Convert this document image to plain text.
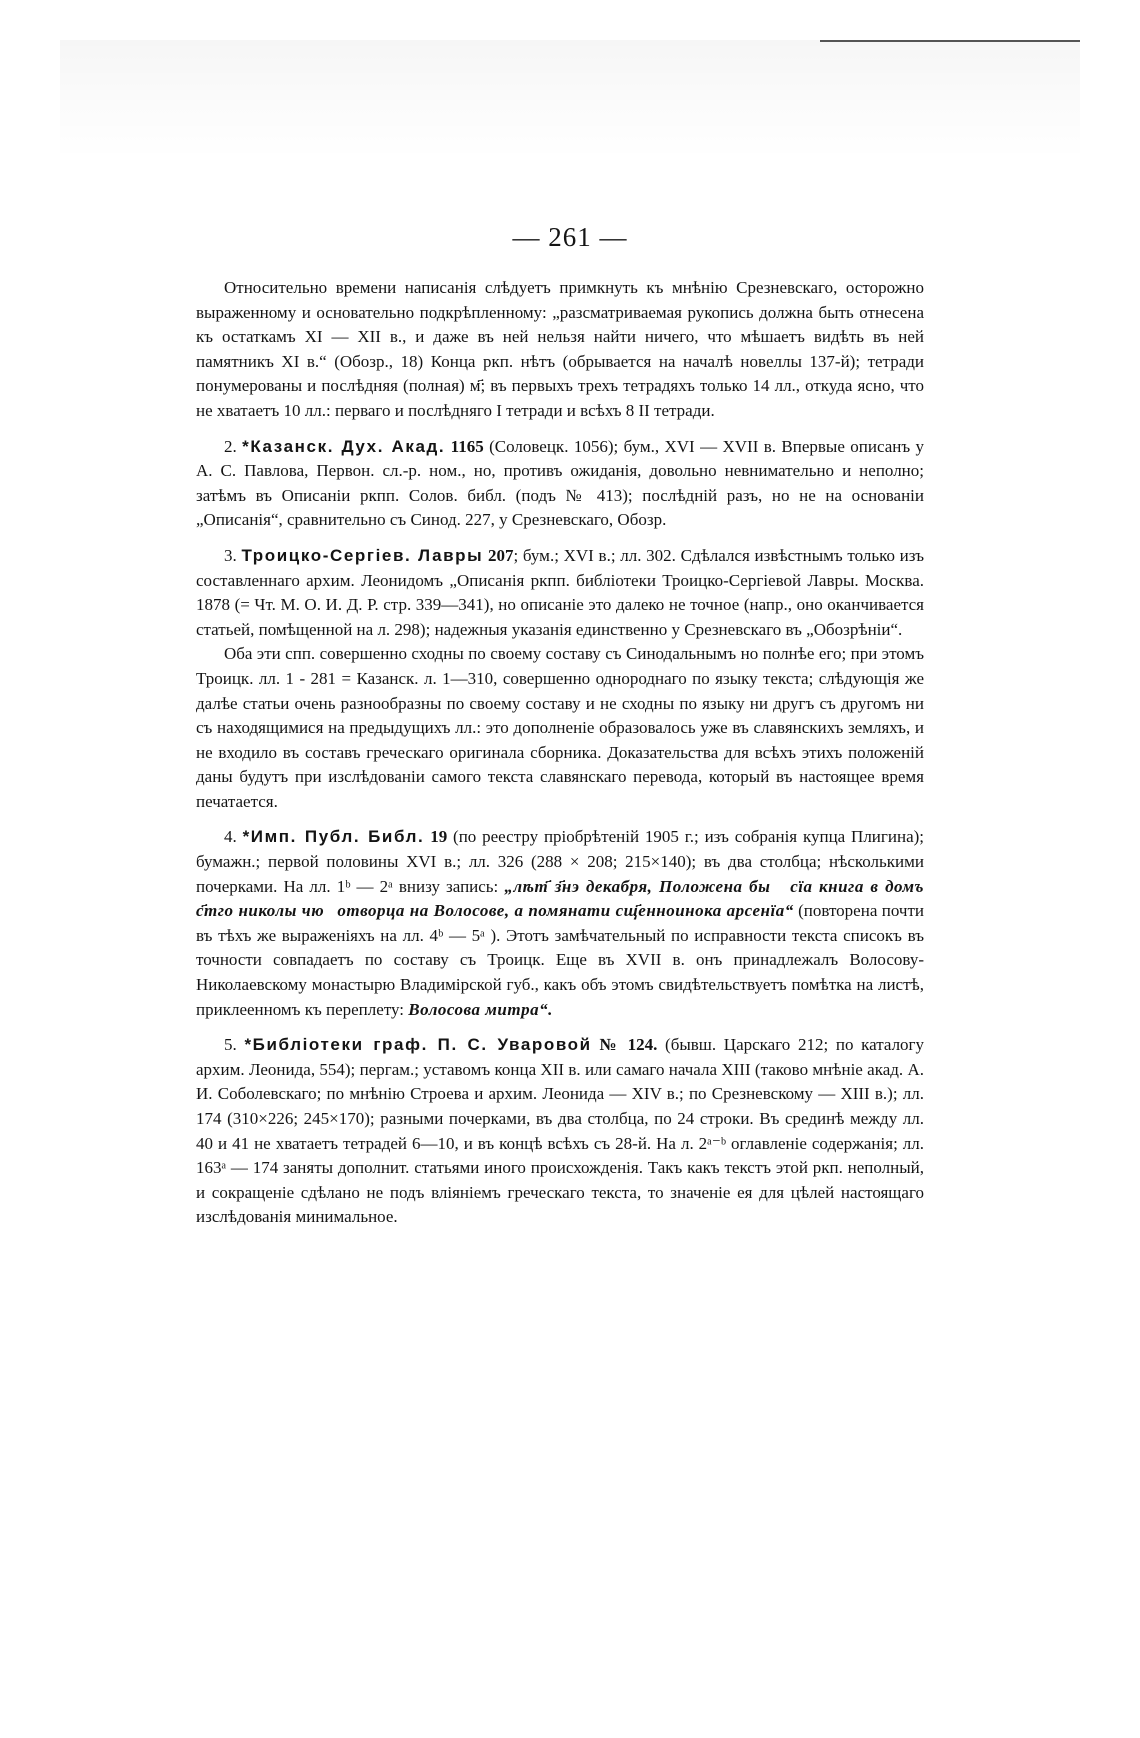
— 261 —

Относительно времени написанія слѣдуетъ примкнуть къ мнѣнію Срезневскаго, осторожно выраженному и основательно подкрѣпленному: „разсматриваемая рукопись должна быть отнесена къ остаткамъ XI — XII в., и даже въ ней нельзя найти ничего, что мѣшаетъ видѣть въ ней памятникъ XI в.“ (Обозр., 18) Конца ркп. нѣтъ (обрывается на началѣ новеллы 137-й); тетради понумерованы и послѣдняя (полная) м҃; въ первыхъ трехъ тетрадяхъ только 14 лл., откуда ясно, что не хватаетъ 10 лл.: перваго и послѣдняго I тетради и всѣхъ 8 II тетради.

2. *Казанск. Дух. Акад. 1165 (Соловецк. 1056); бум., XVI — XVII в. Впервые описанъ у А. С. Павлова, Первон. сл.-р. ном., но, противъ ожиданія, довольно невнимательно и неполно; затѣмъ въ Описаніи ркпп. Солов. библ. (подъ № 413); послѣдній разъ, но не на основаніи „Описанія“, сравнительно съ Синод. 227, у Срезневскаго, Обозр.

3. Троицко-Сергіев. Лавры 207; бум.; XVI в.; лл. 302. Сдѣлался извѣстнымъ только изъ составленнаго архим. Леонидомъ „Описанія ркпп. библіотеки Троицко-Сергіевой Лавры. Москва. 1878 (= Чт. М. О. И. Д. Р. стр. 339—341), но описаніе это далеко не точное (напр., оно оканчивается статьей, помѣщенной на л. 298); надежныя указанія единственно у Срезневскаго въ „Обозрѣніи“.

Оба эти спп. совершенно сходны по своему составу съ Синодальнымъ но полнѣе его; при этомъ Троицк. лл. 1 - 281 = Казанск. л. 1—310, совершенно однороднаго по языку текста; слѣдующія же далѣе статьи очень разнообразны по своему составу и не сходны по языку ни другъ съ другомъ ни съ находящимися на предыдущихъ лл.: это дополненіе образовалось уже въ славянскихъ земляхъ, и не входило въ составъ греческаго оригинала сборника. Доказательства для всѣхъ этихъ положеній даны будутъ при изслѣдованіи самого текста славянскаго перевода, который въ настоящее время печатается.

4. *Имп. Публ. Библ. 19 (по реестру пріобрѣтеній 1905 г.; изъ собранія купца Плигина); бумажн.; первой половины XVI в.; лл. 326 (288 × 208; 215×140); въ два столбца; нѣсколькими почерками. На лл. 1ᵇ — 2ᵃ внизу запись: „лѣт҃ з҃нэ декабря, Положена быⷭ сїа книга в домъ с҃тго николы чюⷣотворца на Волосове, а помянати сщ҃енноинока арсенїа“ (повторена почти въ тѣхъ же выраженіяхъ на лл. 4ᵇ — 5ᵃ ). Этотъ замѣчательный по исправности текста списокъ въ точности совпадаетъ по составу съ Троицк. Еще въ XVII в. онъ принадлежалъ Волосову-Николаевскому монастырю Владимірской губ., какъ объ этомъ свидѣтельствуетъ помѣтка на листѣ, приклеенномъ къ переплету: Волосова митра“.

5. *Библіотеки граф. П. С. Уваровой № 124. (бывш. Царскаго 212; по каталогу архим. Леонида, 554); пергам.; уставомъ конца XII в. или самаго начала XIII (таково мнѣніе акад. А. И. Соболевскаго; по мнѣнію Строева и архим. Леонида — XIV в.; по Срезневскому — XIII в.); лл. 174 (310×226; 245×170); разными почерками, въ два столбца, по 24 строки. Въ срединѣ между лл. 40 и 41 не хватаетъ тетрадей 6—10, и въ концѣ всѣхъ съ 28-й. На л. 2ᵃ⁻ᵇ оглавленіе содержанія; лл. 163ᵃ — 174 заняты дополнит. статьями иного происхожденія. Такъ какъ текстъ этой ркп. неполный, и сокращеніе сдѣлано не подъ вліяніемъ греческаго текста, то значеніе ея для цѣлей настоящаго изслѣдованія минимальное.
